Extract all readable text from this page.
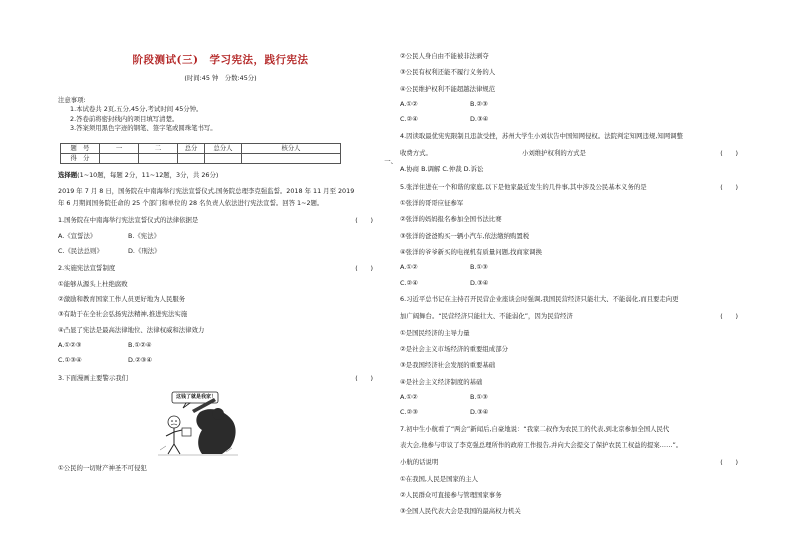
阶段测试(三)　学习宪法，践行宪法
(时间:45 钟　分数:45分)
注意事项:
1.本试卷共 2页,五分,45分,考试时间 45分钟。
2.答卷前将密封线内的项目填写清楚。
3.答案须用黑色字迹的钢笔、签字笔或圆珠笔书写。
题　号	一	二	总分	总分人	核分人
得　分						一、
选择题(1~10题，每题 2分，11~12题，3分，共 26分)
2019 年 7 月 8 日，国务院在中南海举行宪法宣誓仪式,国务院总理李克强监誓。2018 年 11 月至 2019
年 6 月期间国务院任命的 25 个部门和单位的 28 名负责人依法进行宪法宣誓。回答 1~2题。
1.国务院在中南海举行宪法宣誓仪式的法律依据是	(　　)
A.《宣誓法》	B.《宪法》
C.《民法总则》	D.《刑法》
2.实施宪法宣誓制度	(　　)
①能够从源头上杜绝腐败
②激励和教育国家工作人员更好地为人民服务
③有助于在全社会弘扬宪法精神,推进宪法实施
④凸显了宪法是最高法律地位、法律权威和法律效力
A.①②③	B.①②④
C.①③④	D.②③④
3.下面漫画主要警示我们	(　　)
这钱了就是我家！
①公民的一切财产神圣不可侵犯
②公民人身自由不能被非法剥夺
③公民有权利还能不履行义务的人
④公民维护权利不能超越法律规范
A.①②	B.②③
C.②④	D.③④
4.因读取最优宪宪限制且违款受挫，苏州大学生小刘状告中国知网侵权。法院判定知网违规,知网调整
收费方式。	小刘维护权利的方式是	(　　)
A.协商 B.调解 C.仲裁 D.诉讼
5.张洋住进在一个和谐的家庭,以下是他家最近发生的几件事,其中涉及公民基本义务的是	(　　)
①张洋的哥哥应征参军
②张洋的妈妈报名参加全国书法比赛
③张洋的爸爸购买一辆小汽车,依法缴纳购置税
④张洋的爷爷新买的电视机有质量问题,找商家调换
A.①②	B.①③
C.②④	D.③④
6.习近平总书记在主持召开民营企业座谈会时强调,我国民营经济只能壮大、不能弱化,而且要走向更
加广阔舞台。“民营经济只能壮大、不能弱化”，因为民营经济	(　　)
①是国民经济的主导力量
②是社会主义市场经济的重要组成部分
③是我国经济社会发展的重要基础
④是社会主义经济制度的基础
A.①②	B.①③
C.②③	D.③④
7.初中生小航看了“两会”新闻后,自豪地说：“我家二叔作为农民工的代表,到北京参加全国人民代
表大会,他参与审议了李克强总理所作的政府工作报告,并向大会提交了保护农民工权益的提案……”。
小航的话说明	(　　)
①在我国,人民是国家的主人
②人民群众可直接参与管理国家事务
③全国人民代表大会是我国的最高权力机关
